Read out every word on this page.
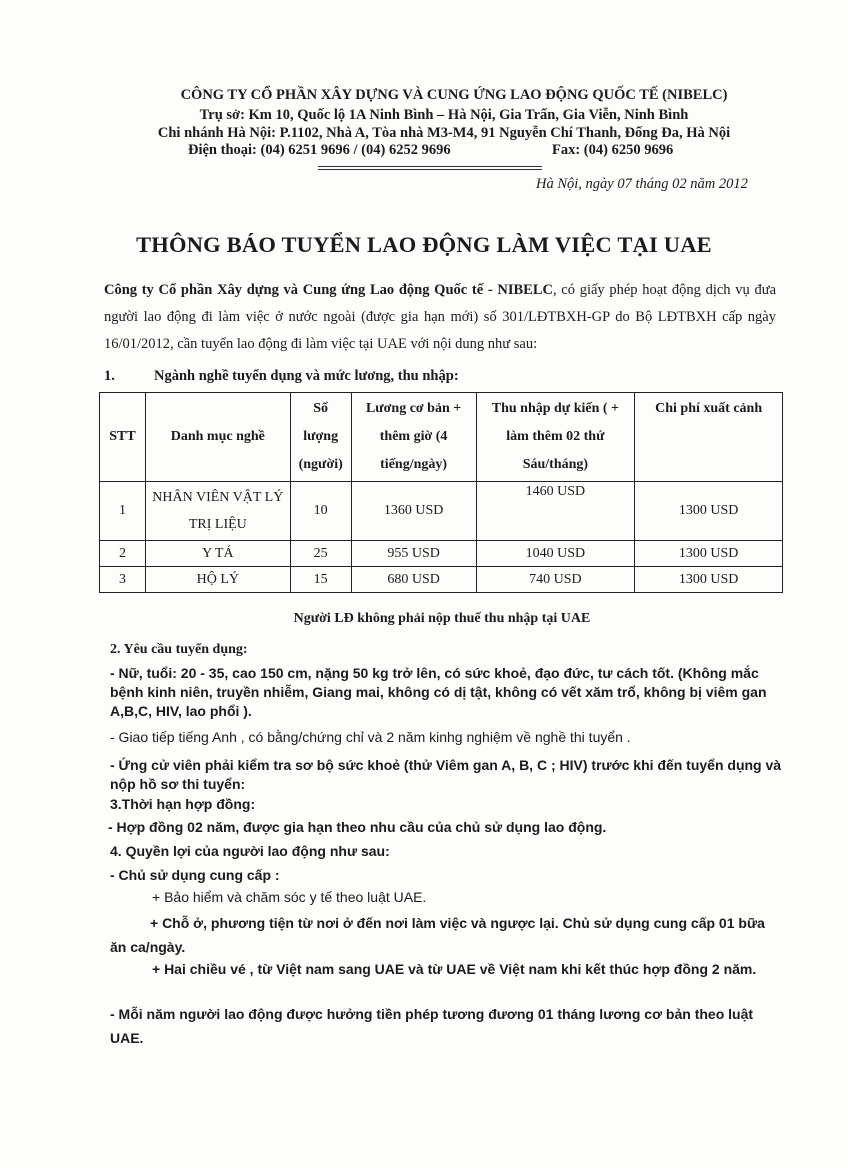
CÔNG TY CỔ PHẦN XÂY DỰNG VÀ CUNG ỨNG LAO ĐỘNG QUỐC TẾ (NIBELC)
Trụ sở: Km 10, Quốc lộ 1A Ninh Bình – Hà Nội, Gia Trấn, Gia Viễn, Ninh Bình
Chi nhánh Hà Nội: P.1102, Nhà A, Tòa nhà M3-M4, 91 Nguyễn Chí Thanh, Đống Đa, Hà Nội
Điện thoại: (04) 6251 9696 / (04) 6252 9696	Fax: (04) 6250 9696
Hà Nội, ngày 07 tháng 02 năm 2012
THÔNG BÁO TUYỂN LAO ĐỘNG LÀM VIỆC TẠI UAE
Công ty Cổ phần Xây dựng và Cung ứng Lao động Quốc tế - NIBELC, có giấy phép hoạt động dịch vụ đưa người lao động đi làm việc ở nước ngoài (được gia hạn mới) số 301/LĐTBXH-GP do Bộ LĐTBXH cấp ngày 16/01/2012, cần tuyển lao động đi làm việc tại UAE với nội dung như sau:
1.	Ngành nghề tuyển dụng và mức lương, thu nhập:
STT	Danh mục nghề	Số lượng (người)	Lương cơ bản + thêm giờ (4 tiếng/ngày)	Thu nhập dự kiến ( + làm thêm 02 thứ Sáu/tháng)	Chi phí xuất cảnh
1	NHÂN VIÊN VẬT LÝ TRỊ LIỆU	10	1360 USD	1460 USD	1300 USD
2	Y TÁ	25	955 USD	1040 USD	1300 USD
3	HỘ LÝ	15	680 USD	740 USD	1300 USD
Người LĐ không phải nộp thuế thu nhập tại UAE
2. Yêu cầu tuyển dụng:
- Nữ, tuổi: 20 - 35, cao 150 cm, nặng 50 kg trở lên, có sức khoẻ, đạo đức, tư cách tốt. (Không mắc bệnh kinh niên, truyền nhiễm, Giang mai, không có dị tật, không có vết xăm trổ, không bị viêm gan A,B,C, HIV, lao phổi ).
- Giao tiếp tiếng Anh , có bằng/chứng chỉ và 2 năm kinhg nghiệm về nghề thi tuyển .
- Ứng cử viên phải kiểm tra sơ bộ sức khoẻ (thử Viêm gan A, B, C ; HIV) trước khi đến tuyển dụng và nộp hồ sơ thi tuyển:
3.Thời hạn hợp đồng:
- Hợp đồng 02 năm, được gia hạn theo nhu cầu của chủ sử dụng lao động.
4. Quyền lợi của người lao động như sau:
- Chủ sử dụng cung cấp :
+ Bảo hiểm và chăm sóc y tế theo luật UAE.
+ Chỗ ở, phương tiện từ nơi ở đến nơi làm việc và ngược lại. Chủ sử dụng cung cấp 01 bữa ăn ca/ngày.
+ Hai chiều vé , từ Việt nam sang UAE và từ UAE về Việt nam khi kết thúc hợp đồng 2 năm.
- Mỗi năm người lao động được hưởng tiền phép tương đương 01 tháng lương cơ bản theo luật UAE.
